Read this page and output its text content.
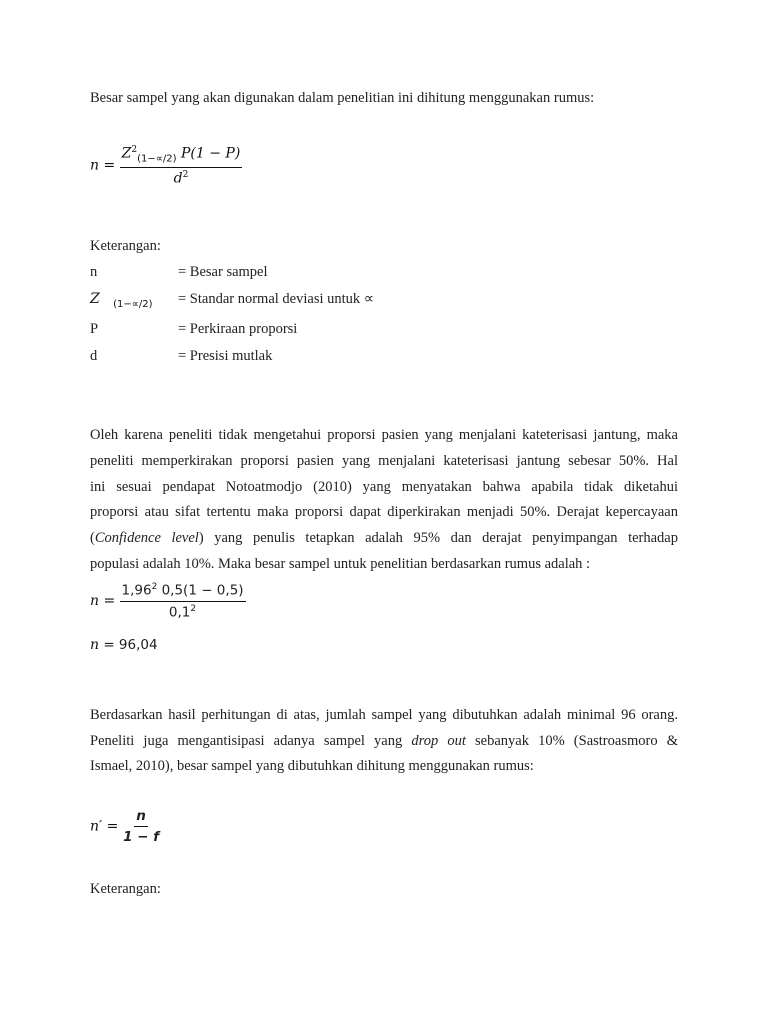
Besar sampel yang akan digunakan dalam penelitian ini dihitung menggunakan rumus:
$n = \frac{Z^2_{(1-\propto/2)} P(1 - P)}{d^2}$
Keterangan:
n	= Besar sampel
Z $_{(1-\propto/2)}$ = Standar normal deviasi untuk ∝
P	= Perkiraan proporsi
d	= Presisi mutlak
Oleh karena peneliti tidak mengetahui proporsi pasien yang menjalani kateterisasi jantung, maka
peneliti memperkirakan proporsi pasien yang menjalani kateterisasi jantung sebesar 50%. Hal
ini sesuai pendapat Notoatmodjo (2010) yang menyatakan bahwa apabila tidak diketahui
proporsi atau sifat tertentu maka proporsi dapat diperkirakan menjadi 50%. Derajat kepercayaan
(Confidence level) yang penulis tetapkan adalah 95% dan derajat penyimpangan terhadap
populasi adalah 10%. Maka besar sampel untuk penelitian berdasarkan rumus adalah :
$n = \frac{1,96^2 0,5(1 - 0,5)}{0,1^2}$
n = 96,04
Berdasarkan hasil perhitungan di atas, jumlah sampel yang dibutuhkan adalah minimal 96 orang.
Peneliti juga mengantisipasi adanya sampel yang drop out sebanyak 10% (Sastroasmoro &
Ismael, 2010), besar sampel yang dibutuhkan dihitung menggunakan rumus:
$n' = \frac{n}{1 - f}$
Keterangan:
